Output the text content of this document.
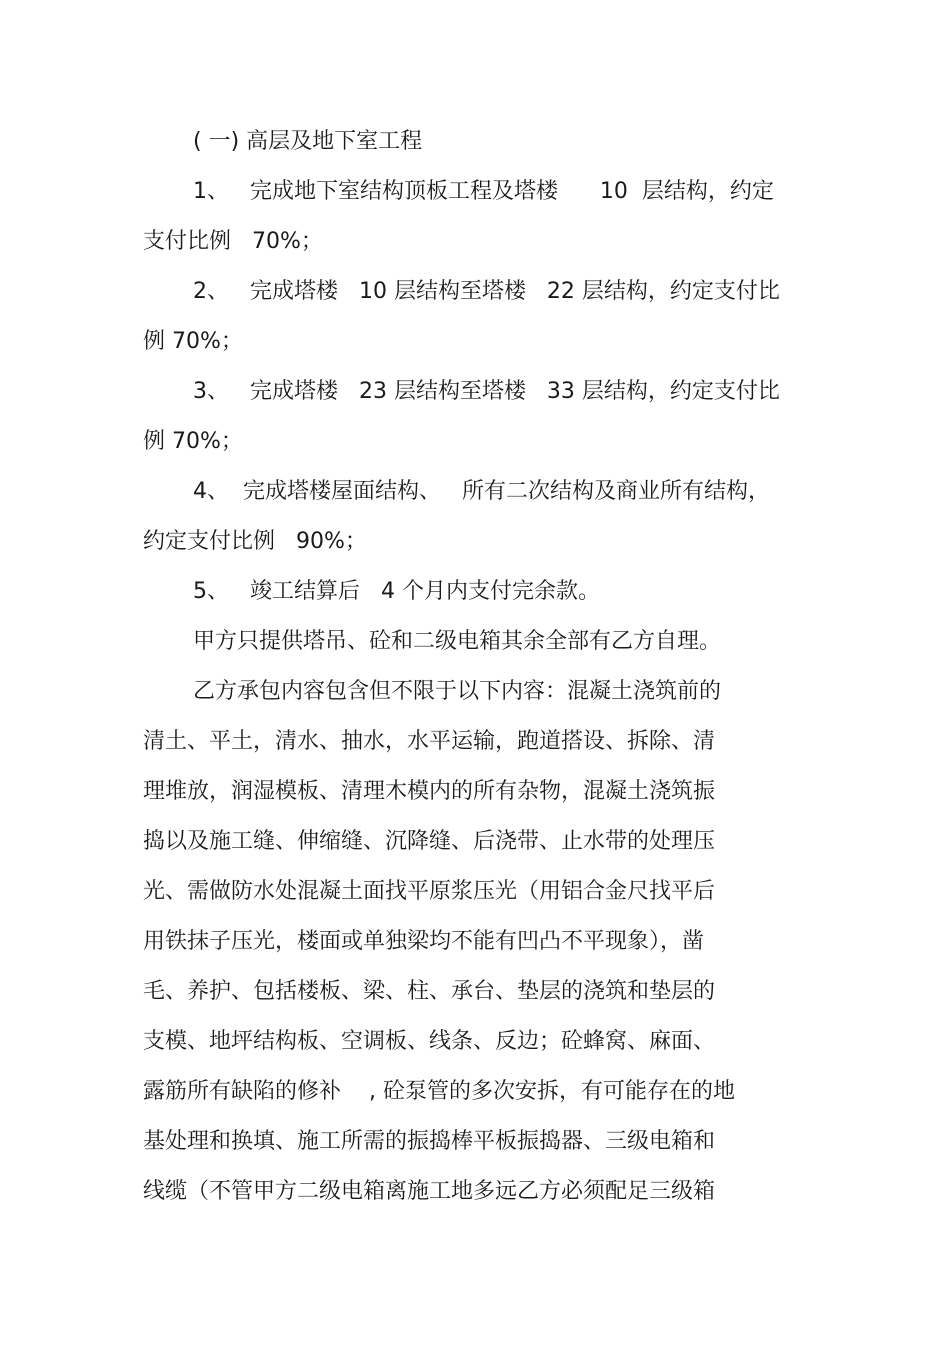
( 一) 高层及地下室工程
1、   完成地下室结构顶板工程及塔楼      10  层结构，约定
支付比例   70%；
2、   完成塔楼   10 层结构至塔楼   22 层结构，约定支付比
例 70%；
3、   完成塔楼   23 层结构至塔楼   33 层结构，约定支付比
例 70%；
4、  完成塔楼屋面结构、   所有二次结构及商业所有结构，
约定支付比例   90%；
5、   竣工结算后   4 个月内支付完余款。
甲方只提供塔吊、砼和二级电箱其余全部有乙方自理。
乙方承包内容包含但不限于以下内容：混凝土浇筑前的
清土、平土，清水、抽水，水平运输，跑道搭设、拆除、清
理堆放，润湿模板、清理木模内的所有杂物，混凝土浇筑振
捣以及施工缝、伸缩缝、沉降缝、后浇带、止水带的处理压
光、需做防水处混凝土面找平原浆压光（用铝合金尺找平后
用铁抹子压光，楼面或单独梁均不能有凹凸不平现象），凿
毛、养护、包括楼板、梁、柱、承台、垫层的浇筑和垫层的
支模、地坪结构板、空调板、线条、反边；砼蜂窝、麻面、
露筋所有缺陷的修补    , 砼泵管的多次安拆，有可能存在的地
基处理和换填、施工所需的振捣棒平板振捣器、三级电箱和
线缆（不管甲方二级电箱离施工地多远乙方必须配足三级箱
